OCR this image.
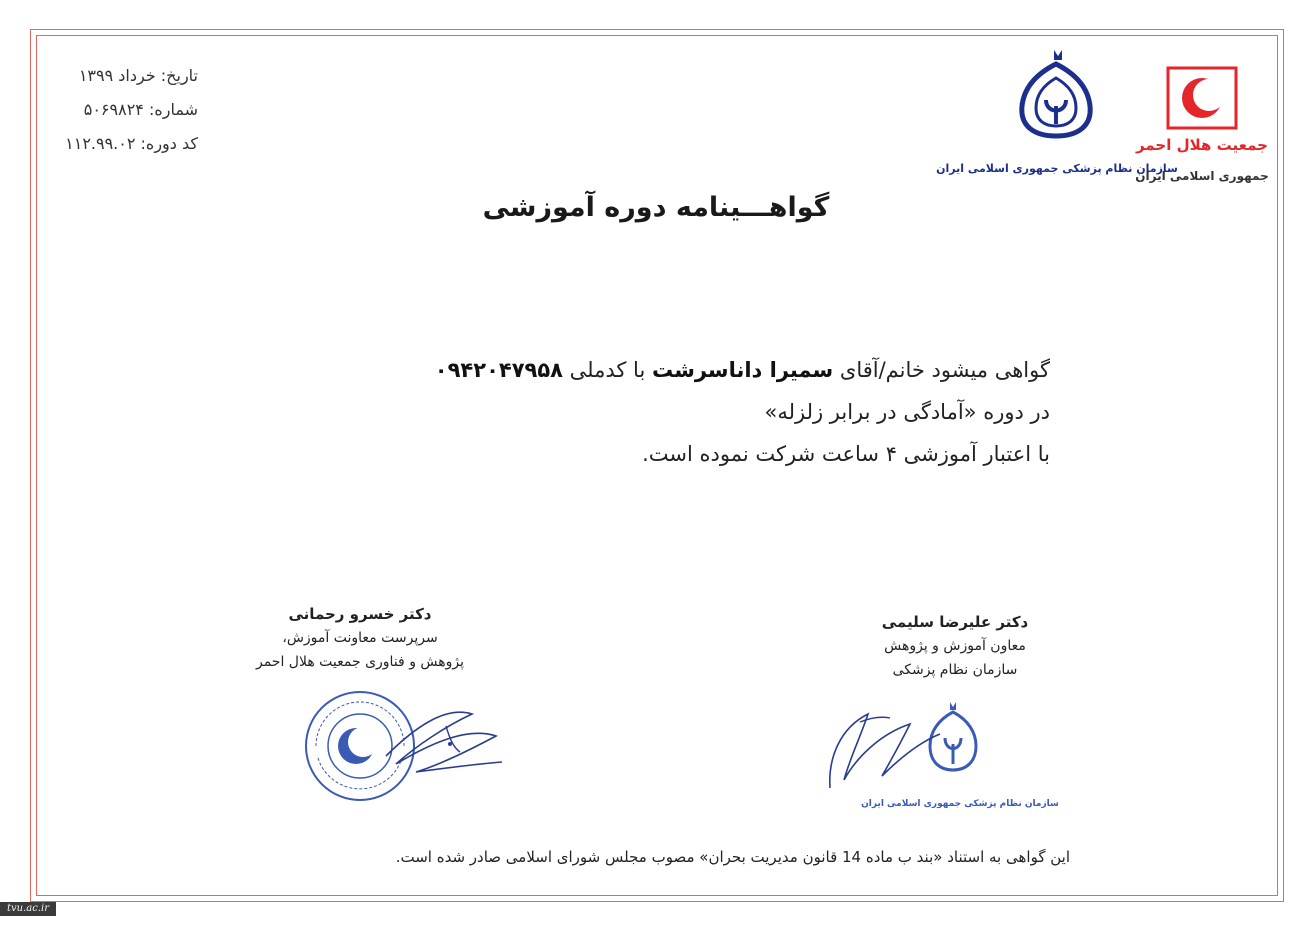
تاریخ: خرداد ۱۳۹۹
شماره: ۵۰۶۹۸۲۴
کد دوره: ۱۱۲.۹۹.۰۲	جمعیت هلال احمر
جمهوری اسلامی ایران
سازمان نظام پزشکی جمهوری اسلامی ایران
گواهـــینامه دوره آموزشی
گواهی میشود خانم/آقای سمیرا داناسرشت با کدملی ۰۹۴۲۰۴۷۹۵۸
در دوره «آمادگی در برابر زلزله»
با اعتبار آموزشی ۴ ساعت شرکت نموده است.
دکتر خسرو رحمانی
سرپرست معاونت آموزش،
پژوهش و فناوری جمعیت هلال احمر
دکتر علیرضا سلیمی
معاون آموزش و پژوهش
سازمان نظام پزشکی
سازمان نظام پزشکی جمهوری اسلامی ایران
این گواهی به استناد «بند ب ماده 14 قانون مدیریت بحران» مصوب مجلس شورای اسلامی صادر شده است.
tvu.ac.ir
